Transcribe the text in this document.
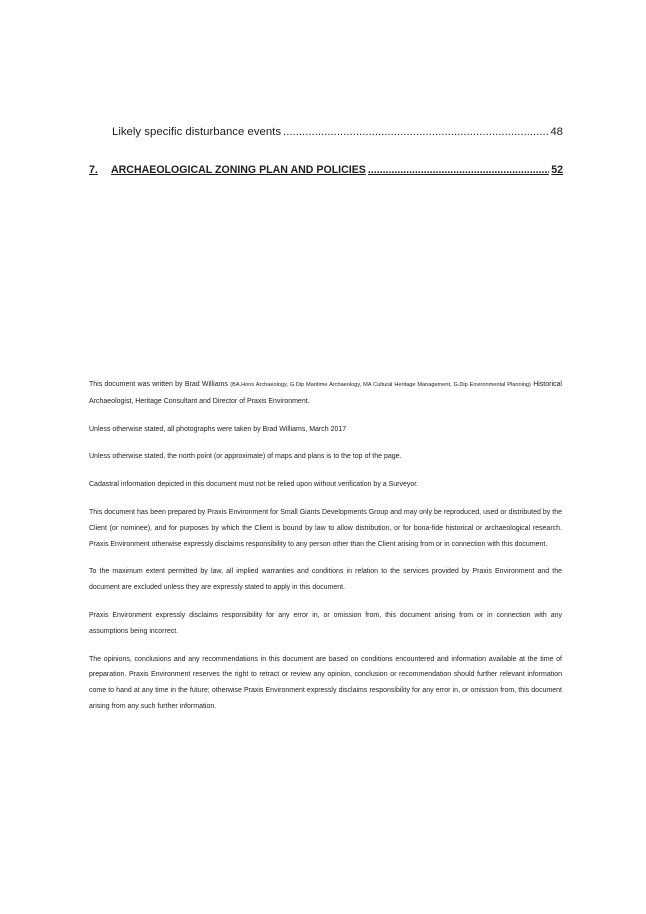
Likely specific disturbance events .....	48
7.	ARCHAEOLOGICAL ZONING PLAN AND POLICIES .....	52

This document was written by Brad Williams (BA.Hons Archaeology, G.Dip Maritime Archaeology, MA Cultural Heritage Management, G.Dip Environmental Planning) Historical Archaeologist, Heritage Consultant and Director of Praxis Environment.

Unless otherwise stated, all photographs were taken by Brad Williams, March 2017

Unless otherwise stated, the north point (or approximate) of maps and plans is to the top of the page.

Cadastral information depicted in this document must not be relied upon without verification by a Surveyor.

This document has been prepared by Praxis Environment for Small Giants Developments Group and may only be reproduced, used or distributed by the Client (or nominee), and for purposes by which the Client is bound by law to allow distribution, or for bona-fide historical or archaeological research. Praxis Environment otherwise expressly disclaims responsibility to any person other than the Client arising from or in connection with this document.

To the maximum extent permitted by law, all implied warranties and conditions in relation to the services provided by Praxis Environment and the document are excluded unless they are expressly stated to apply in this document.

Praxis Environment expressly disclaims responsibility for any error in, or omission from, this document arising from or in connection with any assumptions being incorrect.

The opinions, conclusions and any recommendations in this document are based on conditions encountered and information available at the time of preparation. Praxis Environment reserves the right to retract or review any opinion, conclusion or recommendation should further relevant information come to hand at any time in the future; otherwise Praxis Environment expressly disclaims responsibility for any error in, or omission from, this document arising from any such further information.
